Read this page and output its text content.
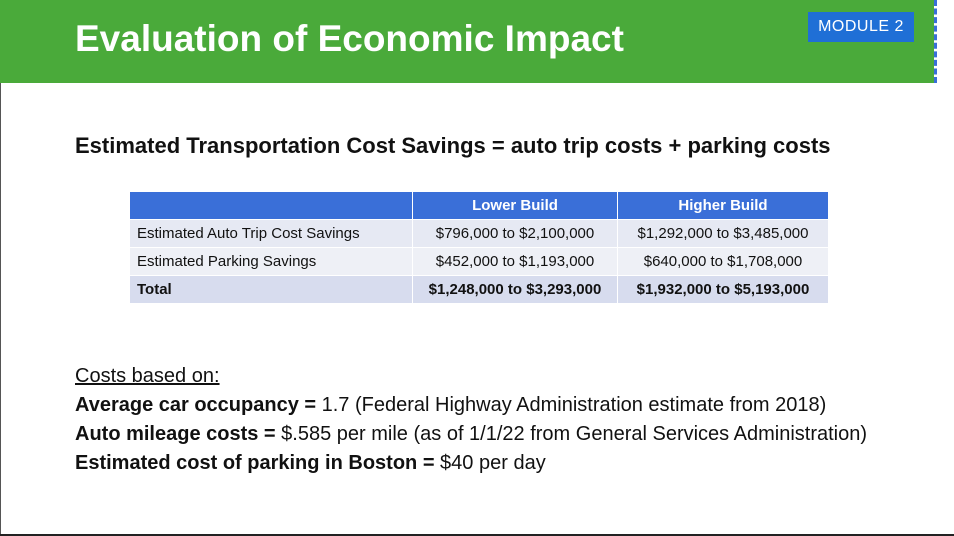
Evaluation of Economic Impact	MODULE 2
Estimated Transportation Cost Savings = auto trip costs + parking costs
	Lower Build	Higher Build
Estimated Auto Trip Cost Savings	$796,000 to $2,100,000	$1,292,000 to $3,485,000
Estimated Parking Savings	$452,000 to $1,193,000	$640,000 to $1,708,000
Total	$1,248,000 to $3,293,000	$1,932,000 to $5,193,000
Costs based on:
Average car occupancy = 1.7 (Federal Highway Administration estimate from 2018)
Auto mileage costs = $.585 per mile (as of 1/1/22 from General Services Administration)
Estimated cost of parking in Boston = $40 per day
